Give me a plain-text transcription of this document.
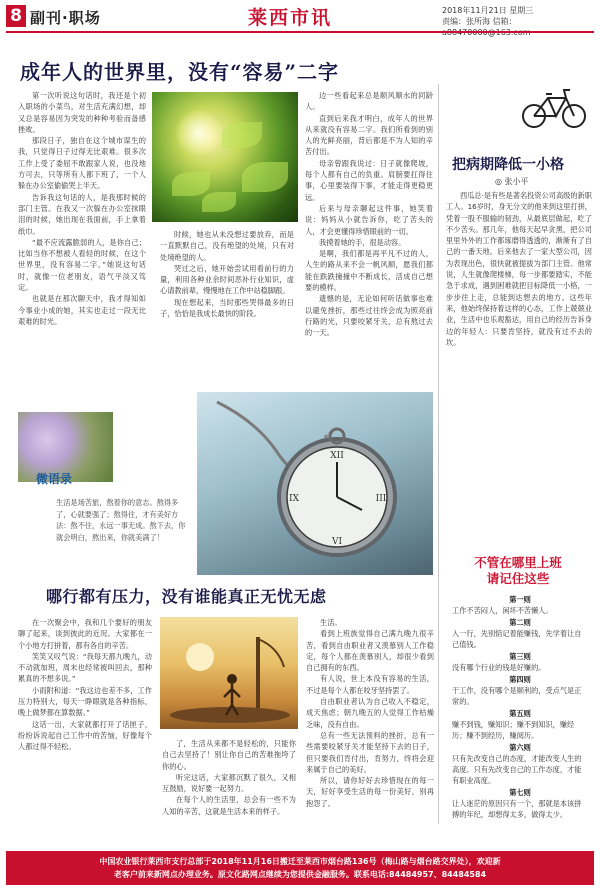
8 副刊·职场	莱西市讯	2018年11月21日 星期三
责编：张所海 信箱：
成年人的世界里，没有“容易”二字

第一次听说这句话时，我还是个初入职场的小菜鸟，对生活充满幻想，却又总是容易因为突发的种种考验而备感挫败。

那段日子，独自在这个城市谋生的我，只觉得日子过得无比艰难。很多次工作上受了委屈不敢跟家人说，也没地方可去，只等所有人都下班了，一个人躲在办公室偷偷哭上半天。

告诉我这句话的人，是我那时候的部门主管。在我又一次躲在办公室抹眼泪的时候，她出现在我面前，手上拿着纸巾。

“最不应流露脆弱的人，是你自己；比如当你不想被人看轻的时候，在这个世界里，没有容易二字。”她说这句话时，就像一位老朋友，语气平淡又笃定。

也就是在那次聊天中，我才得知如今事业小成的她，其实也走过一段无比艰难的时光。

时候，她也从未没想过要放弃，而是一直默默自己，没有绝望的处境，只有对处境绝望的人。

哭过之后，她开始尝试用看前行的力量，利用各种业余时间恶补行业知识，虚心请教前辈，慢慢地在工作中站稳脚跟。

现在想起来，当时那些哭得最多的日子，恰恰是我成长最快的阶段。

边一些看起来总是顺风顺水的同龄人。

直到后来我才明白，成年人的世界从来就没有容易二字。我们所看到的别人的光鲜亮丽，背后都是不为人知的辛苦付出。

母亲曾跟我说过：日子就像爬坡，每个人都有自己的负重。肩膀要扛得住事，心里要装得下事，才能走得更稳更远。

后来与母亲聊起这件事，她笑着说：妈妈从小就告诉你，吃了苦头的人，才会更懂得珍惜眼前的一切。

我摸着她的手，很是动容。

是啊，我们都是再平凡不过的人，人生的路从来不会一帆风顺，愿我们都能在跌跌撞撞中不断成长，活成自己想要的模样。

遗憾的是，无论如何听话做事也难以避免挫折，那些过往终会成为照亮前行路的光，只要咬紧牙关，总有熬过去的一天。

XII
III
VI
IX
微语录
生活是场苦旅，熬着你的意志。熬得多了，心就要强了；熬得住，才有美好方法：熬不住，永远一事无成。熬下去，你就会明白，熬出来，你就美满了！
哪行都有压力，没有谁能真正无忧无虑

在一次聚会中，我和几个要好的朋友聊了起来，谈到彼此的近况。大家都在一个小地方打拼着，都有各自的辛苦。

笑笑又叹气说：“我每天都九晚九，动不动就加班，周末也经常被叫回去，那种累真的不想多说。”

小雨附和道：“我这边也差不多，工作压力特别大，每天一睁眼就是各种指标，晚上做梦都在算数据。”

这话一出，大家就都打开了话匣子，纷纷诉说起自己工作中的苦恼，好像每个人都过得不轻松。	了，生活从来都不是轻松的，只能你自己去坚持了！别让你自己的苦难拖垮了你的心。

听完这话，大家都沉默了很久，又相互鼓励，说好要一起努力。

在每个人的生活里，总会有一些不为人知的辛苦，这就是生活本来的样子。

生活。

看到上班族觉得自己满九晚九很辛苦，看到自由职业者又羡慕别人工作稳定，每个人都在羡慕别人，却很少看到自己拥有的东西。

有人说，世上本没有容易的生活，不过是每个人都在咬牙坚持罢了。

自由职业者认为自己收入不稳定，成天焦虑；朝九晚五的人觉得工作枯燥乏味，没有自由。

总有一些无法预料的挫折，总有一些需要咬紧牙关才能坚持下去的日子，但只要我们肯付出，肯努力，终将会迎来属于自己的美好。

所以，请你好好去珍惜现在的每一天，好好享受生活的每一份美好，别再抱怨了。

把病期降低一小格
◎ 张小平
西瓜总·是有些是著名投资公司高级的新职工人。16岁时，身无分文的他来到这里打拼，凭着一股不服输的韧劲，从最底层做起，吃了不少苦头。那几年，他每天起早贪黑，把公司里里外外的工作都琢磨得透透的，渐渐有了自己的一番天地。后来他去了一家大型公司，因为表现出色，很快就被提拔为部门主管。他常说，人生就像爬楼梯，每一步都要踏实，不能急于求成，遇到困难就把目标降低一小格，一步步往上走，总能到达想去的地方。这些年来，他始终保持着这样的心态，工作上兢兢业业，生活中也乐观豁达，用自己的经历告诉身边的年轻人：只要肯坚持，就没有过不去的坎。
不管在哪里上班
请记住这些
第一则
工作不苦闷人，闲坏不苦懒人。
第二则
入一行，先别惦记着能赚钱，先学着让自己值钱。
第三则
没有哪个行业的钱是好赚的。
第四则
干工作，没有哪个是顺利的，受点气是正常的。
第五则
赚不到钱，赚知识；赚不到知识，赚经历；赚不到经历，赚阅历。
第六则
只有先改变自己的态度，才能改变人生的高度。只有先改变自己的工作态度，才能有职业高度。
第七则
让人迷茫的原因只有一个，那就是本该拼搏的年纪，却想得太多，做得太少。
中国农业银行莱西市支行总部于2018年11月16日搬迁至莱西市烟台路136号（梅山路与烟台路交界处），欢迎新
老客户前来新网点办理业务。原文化路网点继续为您提供金融服务。联系电话:84484957、84484584
